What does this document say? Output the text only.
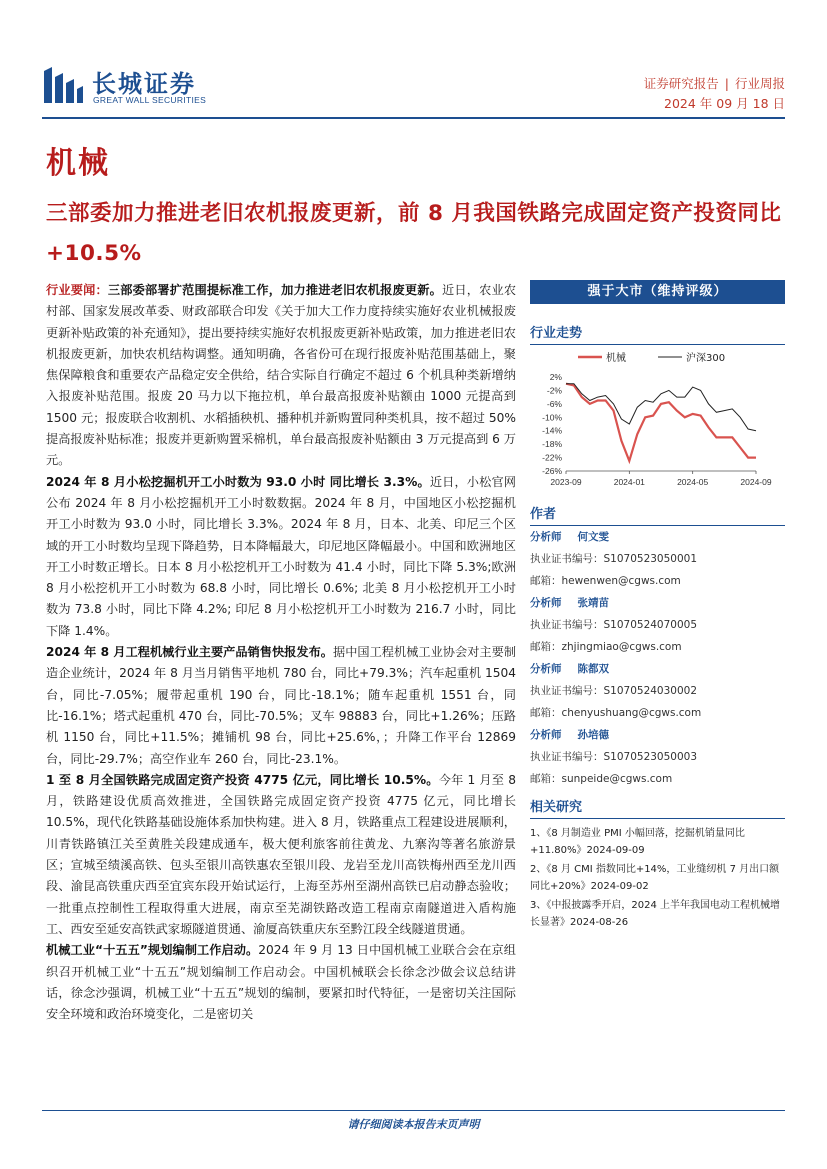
长城证券
GREAT WALL SECURITIES
证券研究报告 | 行业周报
2024 年 09 月 18 日
机械
三部委加力推进老旧农机报废更新，前 8 月我国铁路完成固定资产投资同比+10.5%

行业要闻：三部委部署扩范围提标准工作，加力推进老旧农机报废更新。近日，农业农村部、国家发展改革委、财政部联合印发《关于加大工作力度持续实施好农业机械报废更新补贴政策的补充通知》，提出要持续实施好农机报废更新补贴政策，加力推进老旧农机报废更新，加快农机结构调整。通知明确，各省份可在现行报废补贴范围基础上，聚焦保障粮食和重要农产品稳定安全供给，结合实际自行确定不超过 6 个机具种类新增纳入报废补贴范围。报废 20 马力以下拖拉机，单台最高报废补贴额由 1000 元提高到 1500 元；报废联合收割机、水稻插秧机、播种机并新购置同种类机具，按不超过 50%提高报废补贴标准；报废并更新购置采棉机，单台最高报废补贴额由 3 万元提高到 6 万元。

2024 年 8 月小松挖掘机开工小时数为 93.0 小时 同比增长 3.3%。近日，小松官网公布 2024 年 8 月小松挖掘机开工小时数数据。2024 年 8 月，中国地区小松挖掘机开工小时数为 93.0 小时，同比增长 3.3%。2024 年 8 月，日本、北美、印尼三个区域的开工小时数均呈现下降趋势，日本降幅最大，印尼地区降幅最小。中国和欧洲地区开工小时数正增长。日本 8 月小松挖机开工小时数为 41.4 小时，同比下降 5.3%;欧洲 8 月小松挖机开工小时数为 68.8 小时，同比增长 0.6%; 北美 8 月小松挖机开工小时数为 73.8 小时，同比下降 4.2%; 印尼 8 月小松挖机开工小时数为 216.7 小时，同比下降 1.4%。

2024 年 8 月工程机械行业主要产品销售快报发布。据中国工程机械工业协会对主要制造企业统计，2024 年 8 月当月销售平地机 780 台，同比+79.3%；汽车起重机 1504 台，同比-7.05%；履带起重机 190 台，同比-18.1%；随车起重机 1551 台，同比-16.1%；塔式起重机 470 台，同比-70.5%；叉车 98883 台，同比+1.26%；压路机 1150 台，同比+11.5%；摊铺机 98 台，同比+25.6%，；升降工作平台 12869 台，同比-29.7%；高空作业车 260 台，同比-23.1%。

1 至 8 月全国铁路完成固定资产投资 4775 亿元，同比增长 10.5%。今年 1 月至 8 月，铁路建设优质高效推进，全国铁路完成固定资产投资 4775 亿元，同比增长 10.5%，现代化铁路基础设施体系加快构建。进入 8 月，铁路重点工程建设进展顺利，川青铁路镇江关至黄胜关段建成通车，极大便利旅客前往黄龙、九寨沟等著名旅游景区；宣城至绩溪高铁、包头至银川高铁惠农至银川段、龙岩至龙川高铁梅州西至龙川西段、渝昆高铁重庆西至宜宾东段开始试运行，上海至苏州至湖州高铁已启动静态验收；一批重点控制性工程取得重大进展，南京至芜湖铁路改造工程南京南隧道进入盾构施工、西安至延安高铁武家塬隧道贯通、渝厦高铁重庆东至黔江段全线隧道贯通。

机械工业“十五五”规划编制工作启动。2024 年 9 月 13 日中国机械工业联合会在京组织召开机械工业“十五五”规划编制工作启动会。中国机械联会长徐念沙做会议总结讲话，徐念沙强调，机械工业“十五五”规划的编制，要紧扣时代特征，一是密切关注国际安全环境和政治环境变化，二是密切关

强于大市（维持评级）
行业走势
2%
-2%
-6%
-10%
-14%
-18%
-22%
-26%
2023-09	2024-01	2024-05	2024-09
机械	沪深300
作者
分析师 何文雯
执业证书编号：S1070523050001
邮箱：hewenwen@cgws.com
分析师 张靖苗
执业证书编号：S1070524070005
邮箱：zhjingmiao@cgws.com
分析师 陈都双
执业证书编号：S1070524030002
邮箱：chenyushuang@cgws.com
分析师 孙培德
执业证书编号：S1070523050003
邮箱：sunpeide@cgws.com
相关研究
1、《8 月制造业 PMI 小幅回落，挖掘机销量同比+11.80%》2024-09-09
2、《8 月 CMI 指数同比+14%，工业缝纫机 7 月出口额同比+20%》2024-09-02
3、《中报披露季开启，2024 上半年我国电动工程机械增长显著》2024-08-26
请仔细阅读本报告末页声明
